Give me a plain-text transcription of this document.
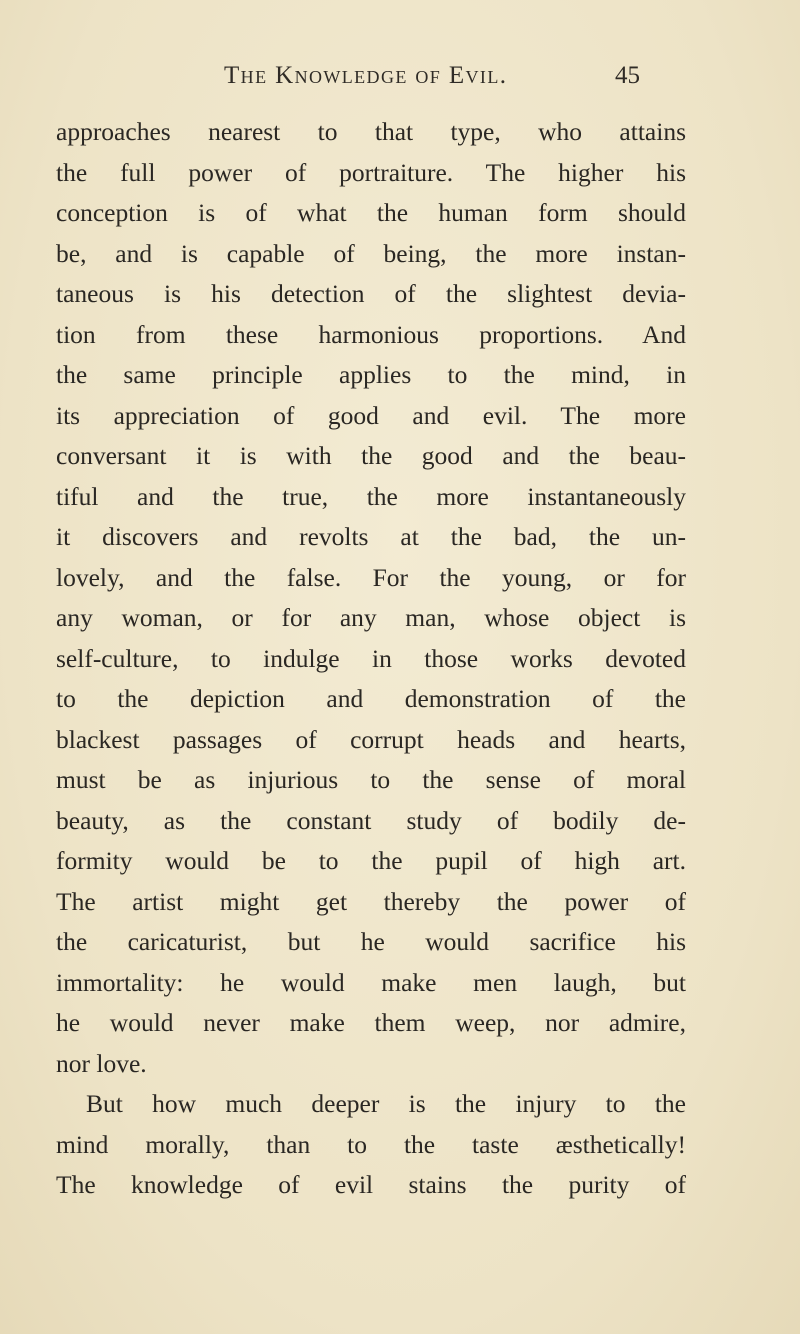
The Knowledge of Evil.	45
approaches nearest to that type, who attains
the full power of portraiture. The higher his
conception is of what the human form should
be, and is capable of being, the more instan-
taneous is his detection of the slightest devia-
tion from these harmonious proportions. And
the same principle applies to the mind, in
its appreciation of good and evil. The more
conversant it is with the good and the beau-
tiful and the true, the more instantaneously
it discovers and revolts at the bad, the un-
lovely, and the false. For the young, or for
any woman, or for any man, whose object is
self-culture, to indulge in those works devoted
to the depiction and demonstration of the
blackest passages of corrupt heads and hearts,
must be as injurious to the sense of moral
beauty, as the constant study of bodily de-
formity would be to the pupil of high art.
The artist might get thereby the power of
the caricaturist, but he would sacrifice his
immortality: he would make men laugh, but
he would never make them weep, nor admire,
nor love.
But how much deeper is the injury to the
mind morally, than to the taste æsthetically!
The knowledge of evil stains the purity of
